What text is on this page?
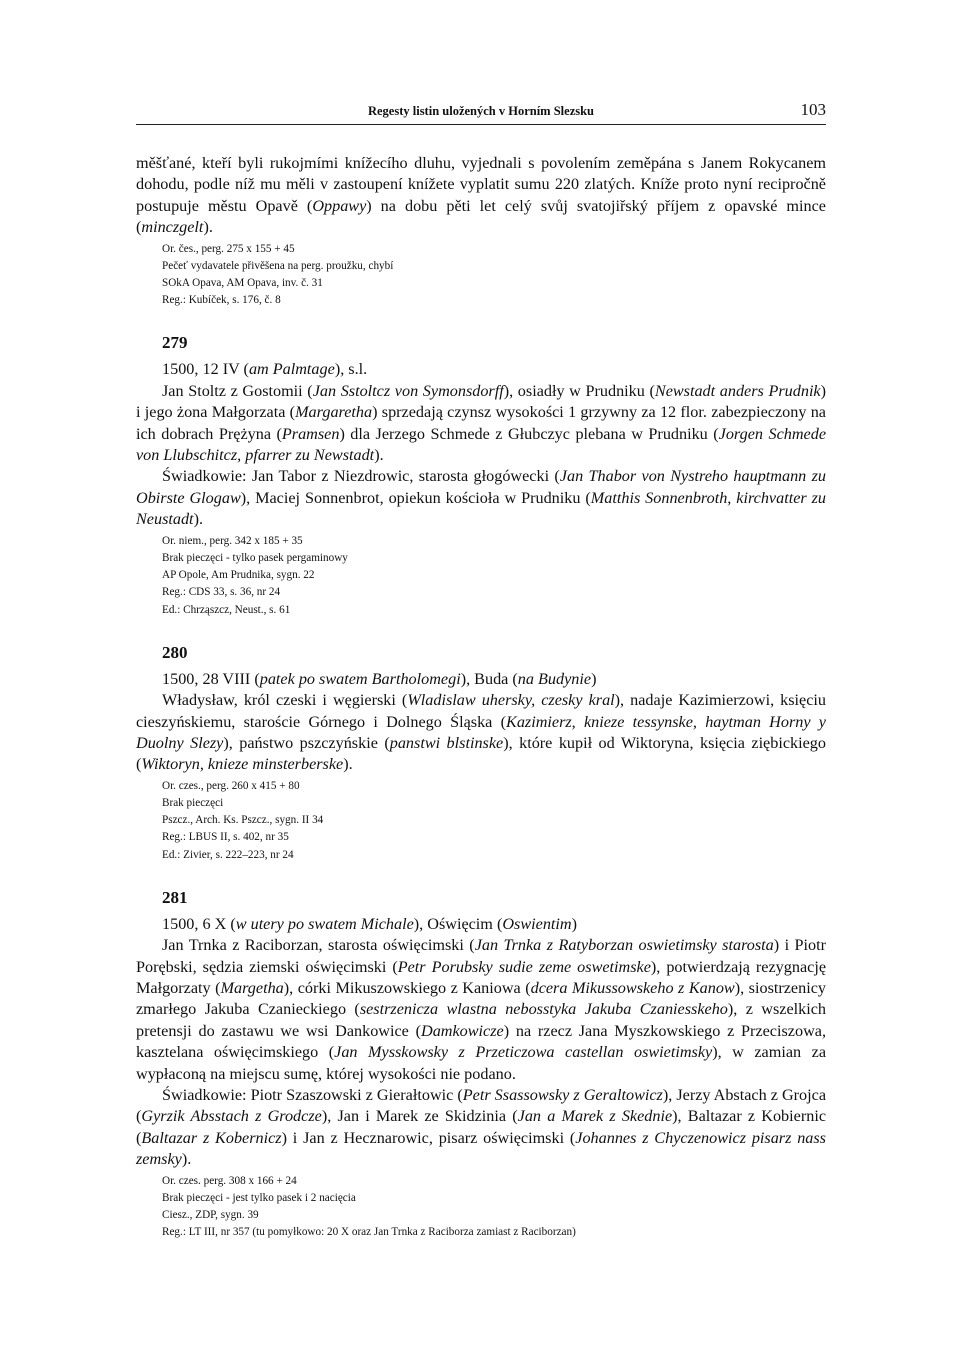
Regesty listin uložených v Horním Slezsku	103

měšťané, kteří byli rukojmími knížecího dluhu, vyjednali s povolením zeměpána s Janem Rokycanem dohodu, podle níž mu měli v zastoupení knížete vyplatit sumu 220 zlatých. Kníže proto nyní recipročně postupuje městu Opavě (Oppawy) na dobu pěti let celý svůj svatojiřský příjem z opavské mince (minczgelt).

Or. čes., perg. 275 x 155 + 45
Pečeť vydavatele přivěšena na perg. proužku, chybí
SOkA Opava, AM Opava, inv. č. 31
Reg.: Kubíček, s. 176, č. 8
279

1500, 12 IV (am Palmtage), s.l.

Jan Stoltz z Gostomii (Jan Sstoltcz von Symonsdorff), osiadły w Prudniku (Newstadt anders Prudnik) i jego żona Małgorzata (Margaretha) sprzedają czynsz wysokości 1 grzywny za 12 flor. zabezpieczony na ich dobrach Prężyna (Pramsen) dla Jerzego Schmede z Głubczyc plebana w Prudniku (Jorgen Schmede von Llubschitcz, pfarrer zu Newstadt).

Świadkowie: Jan Tabor z Niezdrowic, starosta głogówecki (Jan Thabor von Nystreho hauptmann zu Obirste Glogaw), Maciej Sonnenbrot, opiekun kościoła w Prudniku (Matthis Sonnenbroth, kirchvatter zu Neustadt).

Or. niem., perg. 342 x 185 + 35
Brak pieczęci - tylko pasek pergaminowy
AP Opole, Am Prudnika, sygn. 22
Reg.: CDS 33, s. 36, nr 24
Ed.: Chrząszcz, Neust., s. 61
280

1500, 28 VIII (patek po swatem Bartholomegi), Buda (na Budynie)

Władysław, król czeski i węgierski (Wladislaw uhersky, czesky kral), nadaje Kazimierzowi, księciu cieszyńskiemu, staroście Górnego i Dolnego Śląska (Kazimierz, knieze tessynske, haytman Horny y Duolny Slezy), państwo pszczyńskie (panstwi blstinske), które kupił od Wiktoryna, księcia ziębickiego (Wiktoryn, knieze minsterberske).

Or. czes., perg. 260 x 415 + 80
Brak pieczęci
Pszcz., Arch. Ks. Pszcz., sygn. II 34
Reg.: LBUS II, s. 402, nr 35
Ed.: Zivier, s. 222–223, nr 24
281

1500, 6 X (w utery po swatem Michale), Oświęcim (Oswientim)

Jan Trnka z Raciborzan, starosta oświęcimski (Jan Trnka z Ratyborzan oswietimsky starosta) i Piotr Porębski, sędzia ziemski oświęcimski (Petr Porubsky sudie zeme oswetimske), potwierdzają rezygnację Małgorzaty (Margetha), córki Mikuszowskiego z Kaniowa (dcera Mikussowskeho z Kanow), siostrzenicy zmarłego Jakuba Czanieckiego (sestrzenicza wlastna nebosstyka Jakuba Czaniesskeho), z wszelkich pretensji do zastawu we wsi Dankowice (Damkowicze) na rzecz Jana Myszkowskiego z Przeciszowa, kasztelana oświęcimskiego (Jan Mysskowsky z Przeticzowa castellan oswietimsky), w zamian za wypłaconą na miejscu sumę, której wysokości nie podano.

Świadkowie: Piotr Szaszowski z Gierałtowic (Petr Ssassowsky z Geraltowicz), Jerzy Abstach z Grojca (Gyrzik Absstach z Grodcze), Jan i Marek ze Skidzinia (Jan a Marek z Skednie), Baltazar z Kobiernic (Baltazar z Kobernicz) i Jan z Hecznarowic, pisarz oświęcimski (Johannes z Chyczenowicz pisarz nass zemsky).

Or. czes. perg. 308 x 166 + 24
Brak pieczęci - jest tylko pasek i 2 nacięcia
Ciesz., ZDP, sygn. 39
Reg.: LT III, nr 357 (tu pomyłkowo: 20 X oraz Jan Trnka z Raciborza zamiast z Raciborzan)
